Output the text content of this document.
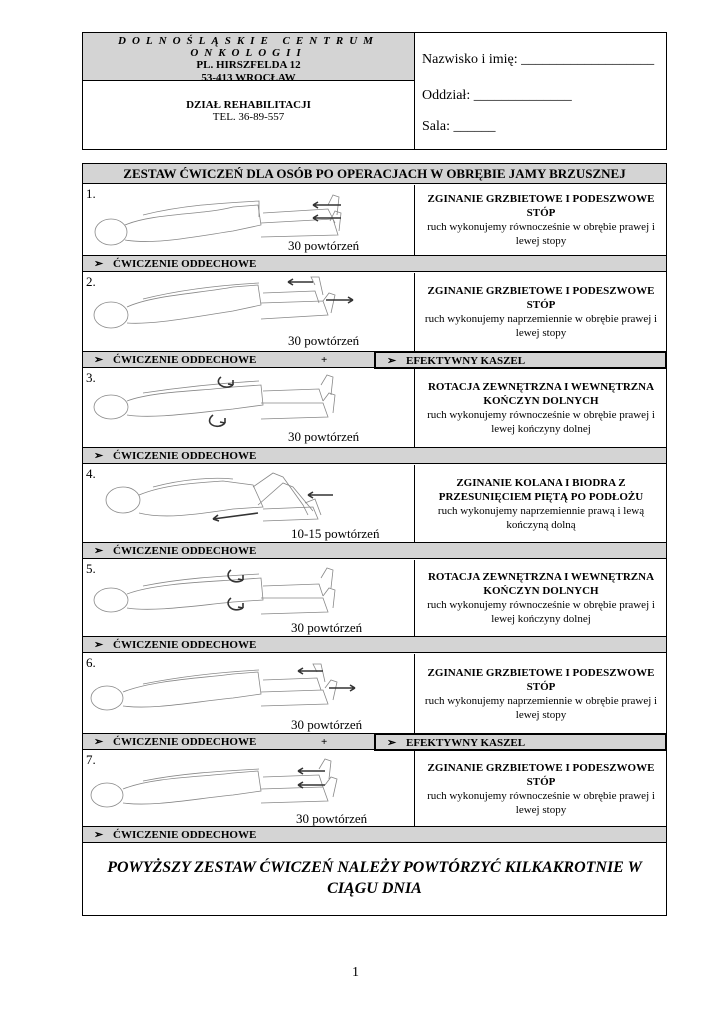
DOLNOŚLĄSKIE CENTRUM ONKOLOGII
PL. HIRSZFELDA 12
53-413 WROCŁAW
DZIAŁ REHABILITACJI
TEL. 36-89-557
Nazwisko i imię: ___________________
Oddział: ______________
Sala: ______
ZESTAW ĆWICZEŃ DLA OSÓB PO OPERACJACH W OBRĘBIE JAMY BRZUSZNEJ
1.
30 powtórzeń
ZGINANIE GRZBIETOWE I PODESZWOWE STÓP
ruch wykonujemy równocześnie w obrębie prawej i lewej stopy
➢ ĆWICZENIE ODDECHOWE
2.
30 powtórzeń
ZGINANIE GRZBIETOWE I PODESZWOWE STÓP
ruch wykonujemy naprzemiennie w obrębie prawej i lewej stopy
➢ ĆWICZENIE ODDECHOWE	+	➢ EFEKTYWNY KASZEL
3.
30 powtórzeń
ROTACJA ZEWNĘTRZNA I WEWNĘTRZNA KOŃCZYN DOLNYCH
ruch wykonujemy równocześnie w obrębie prawej i lewej kończyny dolnej
➢ ĆWICZENIE ODDECHOWE
4.
10-15 powtórzeń
ZGINANIE KOLANA I BIODRA Z PRZESUNIĘCIEM PIĘTĄ PO PODŁOŻU
ruch wykonujemy naprzemiennie prawą i lewą kończyną dolną
➢ ĆWICZENIE ODDECHOWE
5.
30 powtórzeń
ROTACJA ZEWNĘTRZNA I WEWNĘTRZNA KOŃCZYN DOLNYCH
ruch wykonujemy równocześnie w obrębie prawej i lewej kończyny dolnej
➢ ĆWICZENIE ODDECHOWE
6.
30 powtórzeń
ZGINANIE GRZBIETOWE I PODESZWOWE STÓP
ruch wykonujemy naprzemiennie w obrębie prawej i lewej stopy
➢ ĆWICZENIE ODDECHOWE	+	➢ EFEKTYWNY KASZEL
7.
30 powtórzeń
ZGINANIE GRZBIETOWE I PODESZWOWE STÓP
ruch wykonujemy równocześnie w obrębie prawej i lewej stopy
➢ ĆWICZENIE ODDECHOWE
POWYŻSZY ZESTAW ĆWICZEŃ NALEŻY POWTÓRZYĆ KILKAKROTNIE W CIĄGU DNIA
1
